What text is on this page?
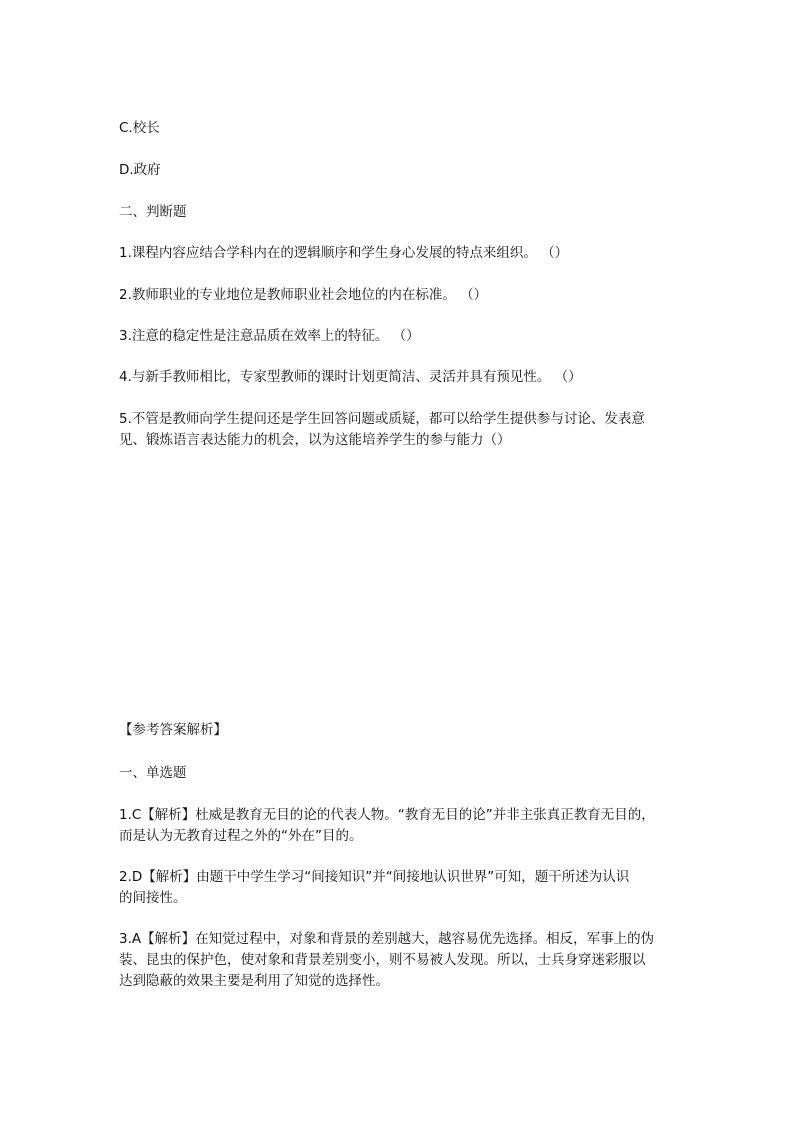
C.校长
D.政府
二、判断题
1.课程内容应结合学科内在的逻辑顺序和学生身心发展的特点来组织。 （）
2.教师职业的专业地位是教师职业社会地位的内在标准。 （）
3.注意的稳定性是注意品质在效率上的特征。 （）
4.与新手教师相比，专家型教师的课时计划更简洁、灵活并具有预见性。 （）
5.不管是教师向学生提问还是学生回答问题或质疑，都可以给学生提供参与讨论、发表意
见、锻炼语言表达能力的机会，以为这能培养学生的参与能力（）
【参考答案解析】
一、单选题
1.C【解析】杜威是教育无目的论的代表人物。“教育无目的论”并非主张真正教育无目的，
而是认为无教育过程之外的“外在”目的。
2.D【解析】由题干中学生学习“间接知识”并“间接地认识世界”可知，题干所述为认识
的间接性。
3.A【解析】在知觉过程中，对象和背景的差别越大，越容易优先选择。相反，军事上的伪
装、昆虫的保护色，使对象和背景差别变小，则不易被人发现。所以，士兵身穿迷彩服以
达到隐蔽的效果主要是利用了知觉的选择性。
